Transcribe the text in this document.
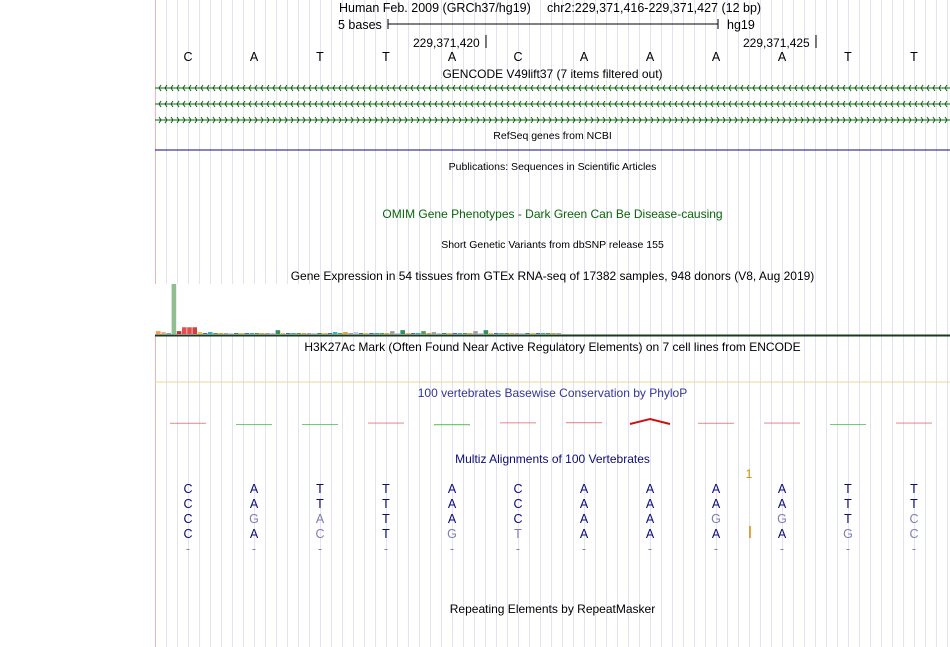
C	A	T	T	A	C	A	A	A	A	T	T
1
C	A	T	T	A	C	A	A	A	A	T	T
C	A	T	T	A	C	A	A	A	A	T	T
C	G	A	T	A	C	A	A	G	G	T	C
C	A	C	T	G	T	A	A	A	A	G	C
-	-	-	-	-	-	-	-	-	-	-	-
Human Feb. 2009 (GRCh37/hg19) chr2:229,371,416-229,371,427 (12 bp)
5 bases	hg19
229,371,420	229,371,425
GENCODE V49lift37 (7 items filtered out)
RefSeq genes from NCBI
Publications: Sequences in Scientific Articles
OMIM Gene Phenotypes - Dark Green Can Be Disease-causing
Short Genetic Variants from dbSNP release 155
Gene Expression in 54 tissues from GTEx RNA-seq of 17382 samples, 948 donors (V8, Aug 2019)
H3K27Ac Mark (Often Found Near Active Regulatory Elements) on 7 cell lines from ENCODE
100 vertebrates Basewise Conservation by PhyloP
Multiz Alignments of 100 Vertebrates
Repeating Elements by RepeatMasker
